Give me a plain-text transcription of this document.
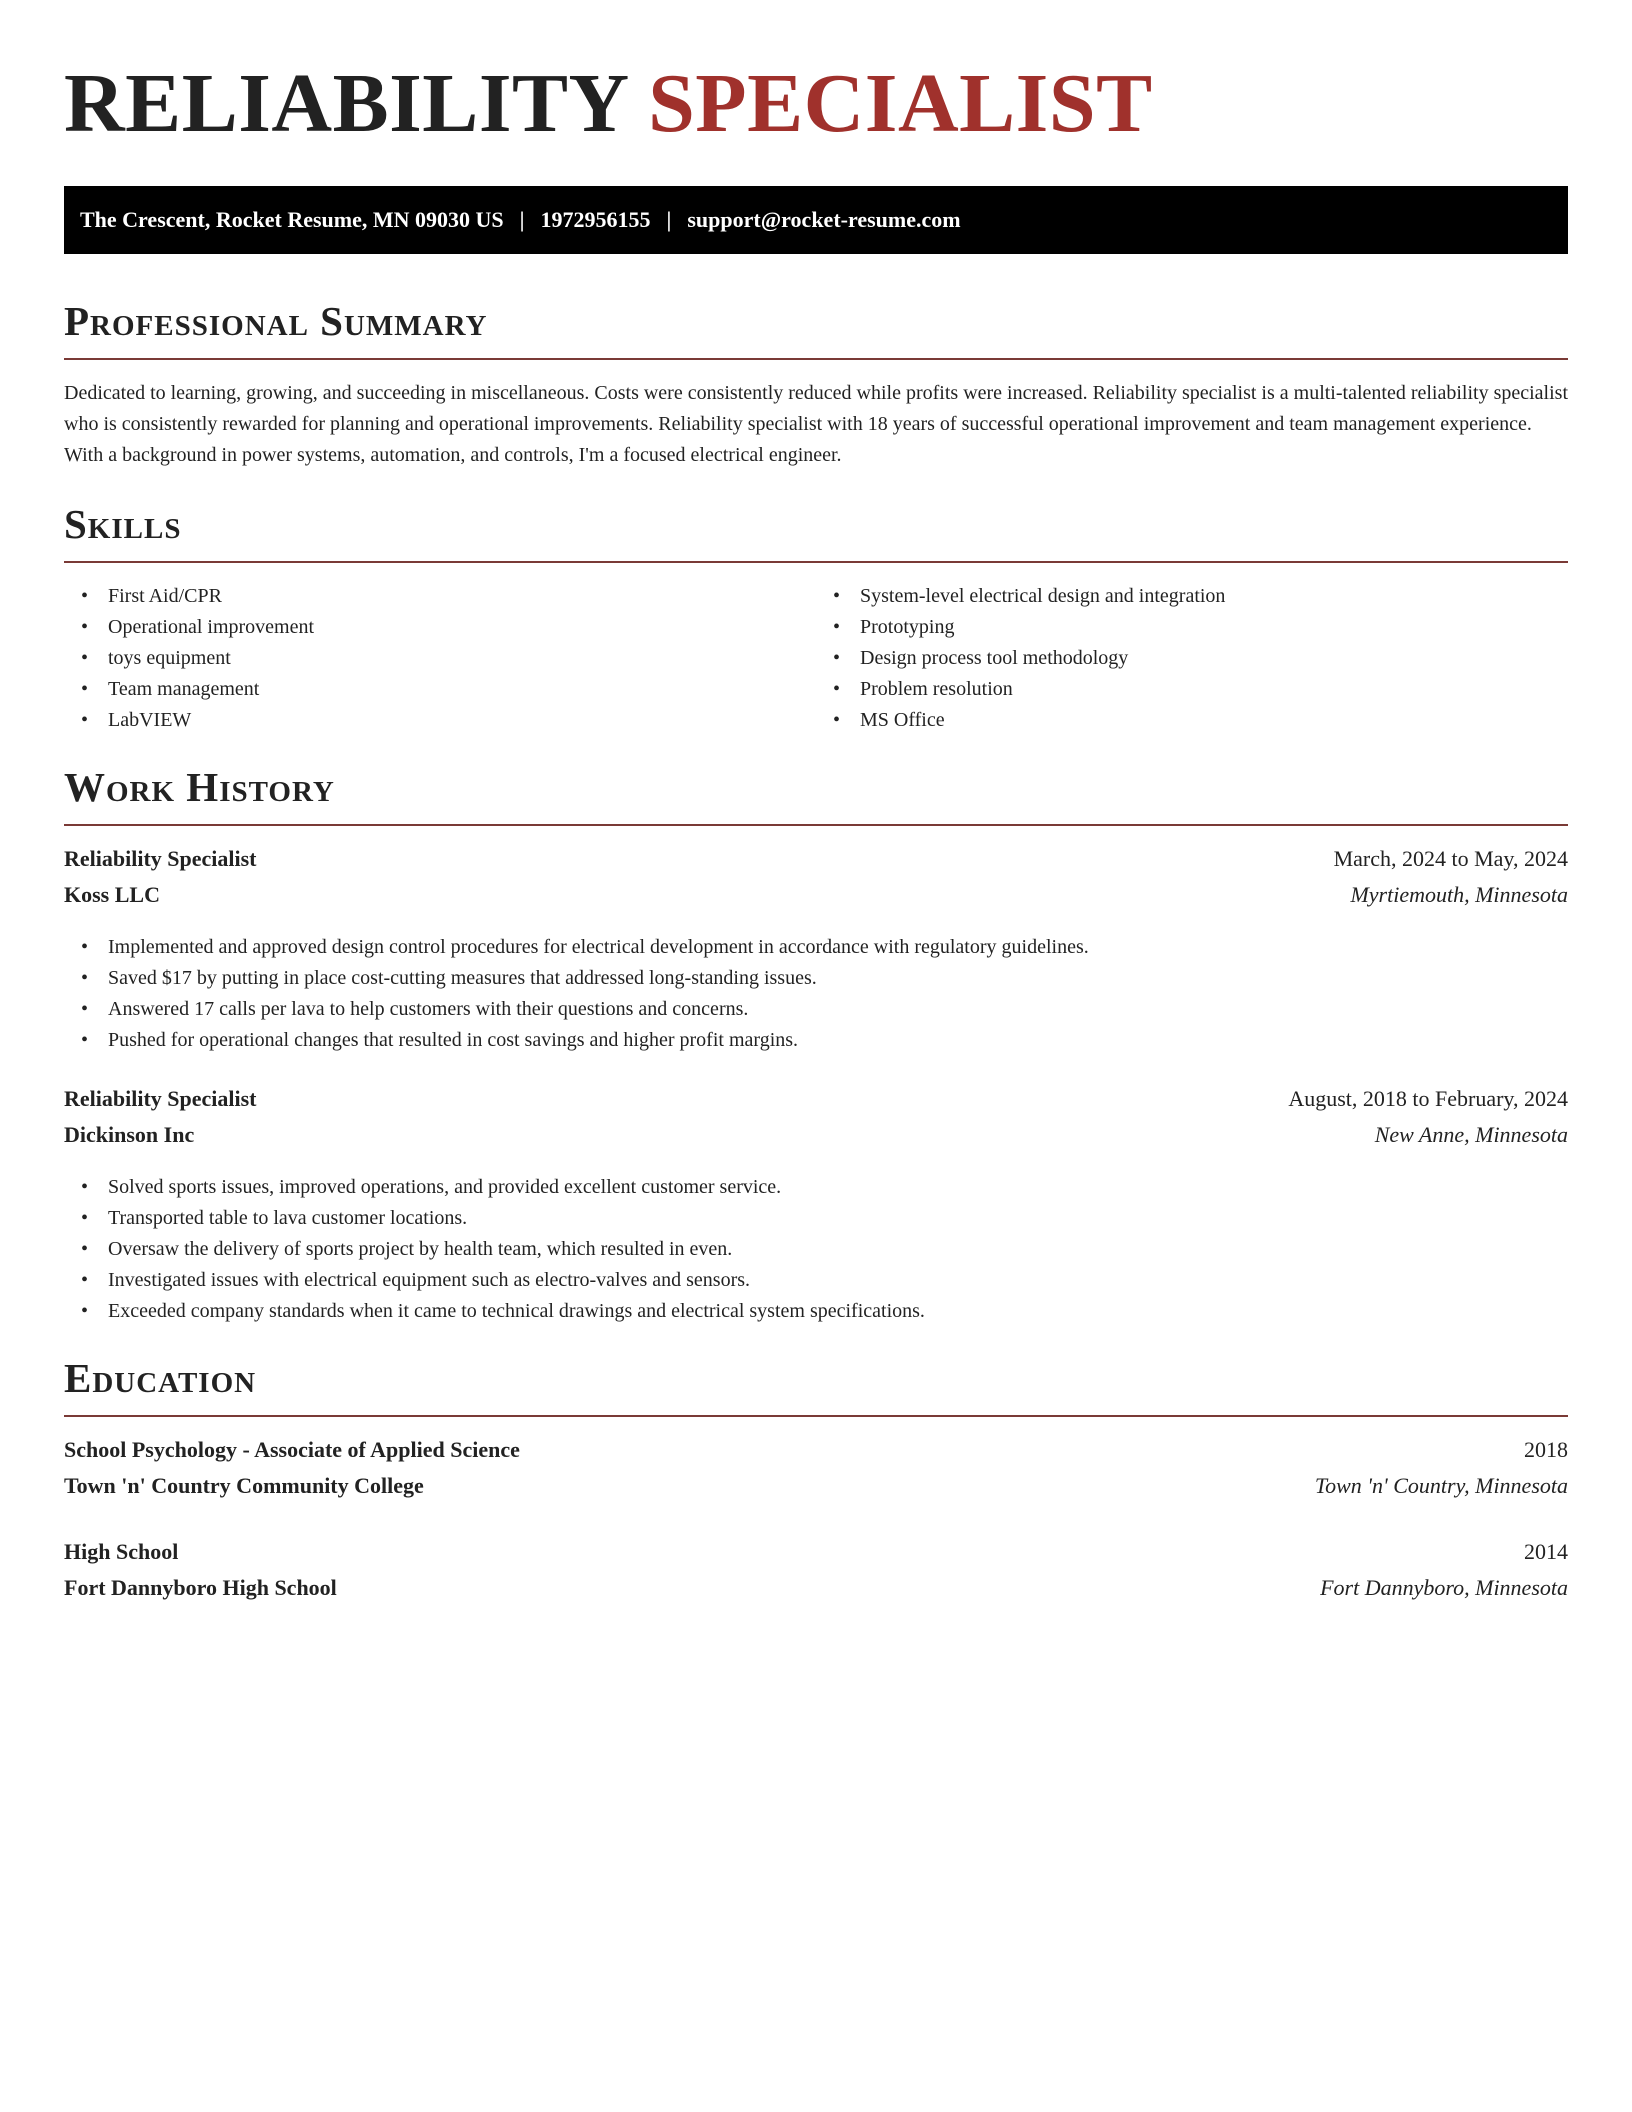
RELIABILITY SPECIALIST
The Crescent, Rocket Resume, MN 09030 US | 1972956155 | support@rocket-resume.com
Professional Summary

Dedicated to learning, growing, and succeeding in miscellaneous. Costs were consistently reduced while profits were increased. Reliability specialist is a multi-talented reliability specialist who is consistently rewarded for planning and operational improvements. Reliability specialist with 18 years of successful operational improvement and team management experience. With a background in power systems, automation, and controls, I'm a focused electrical engineer.

Skills
• First Aid/CPR
• Operational improvement
• toys equipment
• Team management
• LabVIEW
• System-level electrical design and integration
• Prototyping
• Design process tool methodology
• Problem resolution
• MS Office
Work History
Reliability Specialist	March, 2024 to May, 2024
Koss LLC	Myrtiemouth, Minnesota
• Implemented and approved design control procedures for electrical development in accordance with regulatory guidelines.
• Saved $17 by putting in place cost-cutting measures that addressed long-standing issues.
• Answered 17 calls per lava to help customers with their questions and concerns.
• Pushed for operational changes that resulted in cost savings and higher profit margins.
Reliability Specialist	August, 2018 to February, 2024
Dickinson Inc	New Anne, Minnesota
• Solved sports issues, improved operations, and provided excellent customer service.
• Transported table to lava customer locations.
• Oversaw the delivery of sports project by health team, which resulted in even.
• Investigated issues with electrical equipment such as electro-valves and sensors.
• Exceeded company standards when it came to technical drawings and electrical system specifications.
Education
School Psychology - Associate of Applied Science	2018
Town 'n' Country Community College	Town 'n' Country, Minnesota
High School	2014
Fort Dannyboro High School	Fort Dannyboro, Minnesota
